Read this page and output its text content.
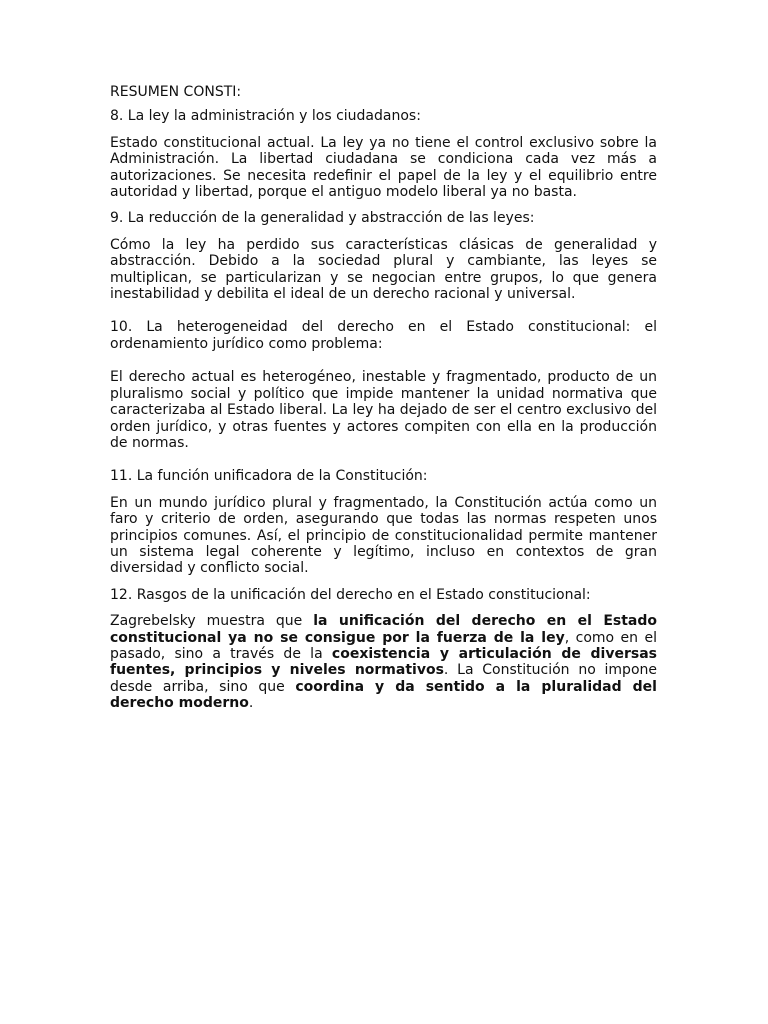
RESUMEN CONSTI:

8. La ley la administración y los ciudadanos:

Estado constitucional actual. La ley ya no tiene el control exclusivo sobre la Administración. La libertad ciudadana se condiciona cada vez más a autorizaciones. Se necesita redefinir el papel de la ley y el equilibrio entre autoridad y libertad, porque el antiguo modelo liberal ya no basta.

9. La reducción de la generalidad y abstracción de las leyes:

Cómo la ley ha perdido sus características clásicas de generalidad y abstracción. Debido a la sociedad plural y cambiante, las leyes se multiplican, se particularizan y se negocian entre grupos, lo que genera inestabilidad y debilita el ideal de un derecho racional y universal.

10. La heterogeneidad del derecho en el Estado constitucional: el ordenamiento jurídico como problema:

El derecho actual es heterogéneo, inestable y fragmentado, producto de un pluralismo social y político que impide mantener la unidad normativa que caracterizaba al Estado liberal. La ley ha dejado de ser el centro exclusivo del orden jurídico, y otras fuentes y actores compiten con ella en la producción de normas.

11. La función unificadora de la Constitución:

En un mundo jurídico plural y fragmentado, la Constitución actúa como un faro y criterio de orden, asegurando que todas las normas respeten unos principios comunes. Así, el principio de constitucionalidad permite mantener un sistema legal coherente y legítimo, incluso en contextos de gran diversidad y conflicto social.

12. Rasgos de la unificación del derecho en el Estado constitucional:

Zagrebelsky muestra que la unificación del derecho en el Estado constitucional ya no se consigue por la fuerza de la ley, como en el pasado, sino a través de la coexistencia y articulación de diversas fuentes, principios y niveles normativos. La Constitución no impone desde arriba, sino que coordina y da sentido a la pluralidad del derecho moderno.
